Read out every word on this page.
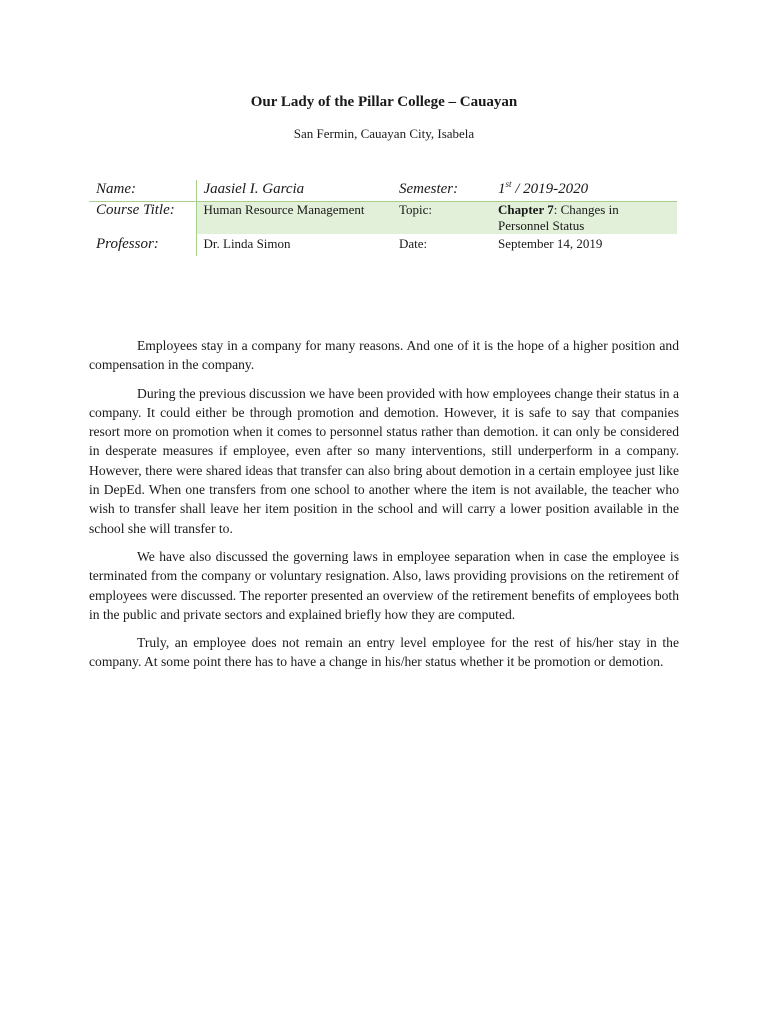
Our Lady of the Pillar College – Cauayan
San Fermin, Cauayan City, Isabela
Name:	Jaasiel I. Garcia	Semester:	1st / 2019-2020
Course Title:	Human Resource Management	Topic:	Chapter 7: Changes in Personnel Status
Professor:	Dr. Linda Simon	Date:	September 14, 2019

Employees stay in a company for many reasons. And one of it is the hope of a higher position and compensation in the company.

During the previous discussion we have been provided with how employees change their status in a company. It could either be through promotion and demotion. However, it is safe to say that companies resort more on promotion when it comes to personnel status rather than demotion. it can only be considered in desperate measures if employee, even after so many interventions, still underperform in a company. However, there were shared ideas that transfer can also bring about demotion in a certain employee just like in DepEd. When one transfers from one school to another where the item is not available, the teacher who wish to transfer shall leave her item position in the school and will carry a lower position available in the school she will transfer to.

We have also discussed the governing laws in employee separation when in case the employee is terminated from the company or voluntary resignation. Also, laws providing provisions on the retirement of employees were discussed. The reporter presented an overview of the retirement benefits of employees both in the public and private sectors and explained briefly how they are computed.

Truly, an employee does not remain an entry level employee for the rest of his/her stay in the company. At some point there has to have a change in his/her status whether it be promotion or demotion.
